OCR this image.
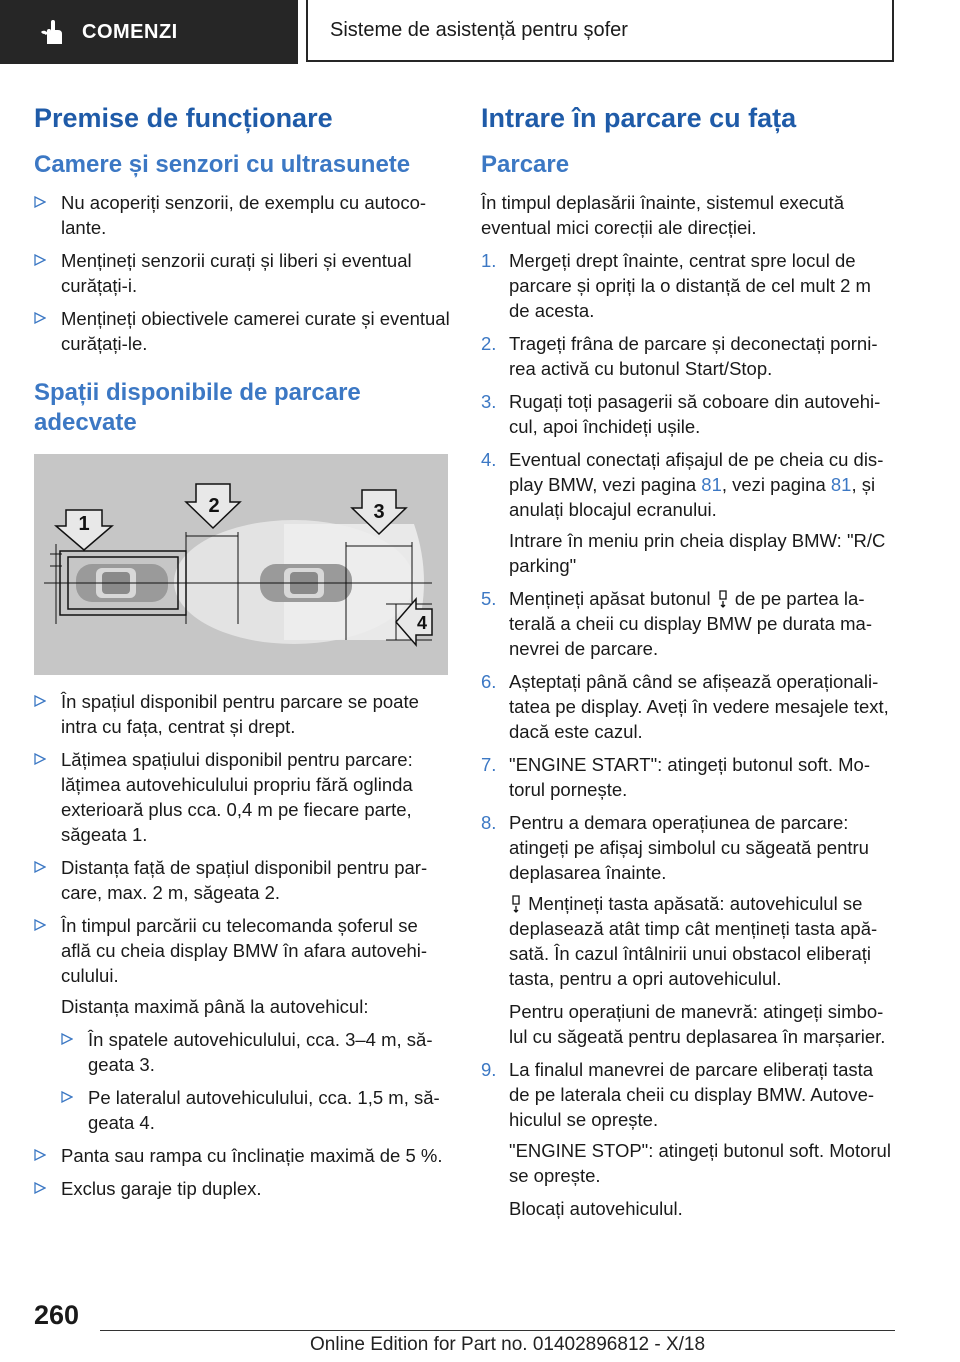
COMENZI	Sisteme de asistență pentru șofer
Premise de funcționare
Camere și senzori cu ultrasunete
Nu acoperiți senzorii, de exemplu cu autocolante.
Mențineți senzorii curați și liberi și eventual curățați-i.
Mențineți obiectivele camerei curate și eventual curățați-le.
Spații disponibile de parcare adecvate
1
2	3
4
În spațiul disponibil pentru parcare se poate intra cu fața, centrat și drept.
Lățimea spațiului disponibil pentru parcare: lățimea autovehiculului propriu fără oglinda exterioară plus cca. 0,4 m pe fiecare parte, săgeata 1.
Distanța față de spațiul disponibil pentru parcare, max. 2 m, săgeata 2.
În timpul parcării cu telecomanda șoferul se află cu cheia display BMW în afara autovehiculului.

Distanța maximă până la autovehicul:

În spatele autovehiculului, cca. 3–4 m, săgeata 3.
Pe lateralul autovehiculului, cca. 1,5 m, săgeata 4.
Panta sau rampa cu înclinație maximă de 5 %.
Exclus garaje tip duplex.
Intrare în parcare cu fața
Parcare

În timpul deplasării înainte, sistemul execută eventual mici corecții ale direcției.

1. Mergeți drept înainte, centrat spre locul de parcare și opriți la o distanță de cel mult 2 m de acesta.
2. Trageți frâna de parcare și deconectați pornirea activă cu butonul Start/Stop.
3. Rugați toți pasagerii să coboare din autovehicul, apoi închideți ușile.
4. Eventual conectați afișajul de pe cheia cu display BMW, vezi pagina 81, vezi pagina 81, și anulați blocajul ecranului.

Intrare în meniu prin cheia display BMW: "R/C parking"

5. Mențineți apăsat butonul  de pe partea laterală a cheii cu display BMW pe durata manevrei de parcare.
6. Așteptați până când se afișează operaționalitatea pe display. Aveți în vedere mesajele text, dacă este cazul.
7. "ENGINE START": atingeți butonul soft. Motorul pornește.
8. Pentru a demara operațiunea de parcare: atingeți pe afișaj simbolul cu săgeată pentru deplasarea înainte.

Mențineți tasta apăsată: autovehiculul se deplasează atât timp cât mențineți tasta apăsată. În cazul întâlnirii unui obstacol eliberați tasta, pentru a opri autovehiculul.

Pentru operațiuni de manevră: atingeți simbolul cu săgeată pentru deplasarea în marșarier.

9. La finalul manevrei de parcare eliberați tasta de pe laterala cheii cu display BMW. Autovehiculul se oprește.

"ENGINE STOP": atingeți butonul soft. Motorul se oprește.

Blocați autovehiculul.

260
Online Edition for Part no. 01402896812 - X/18
